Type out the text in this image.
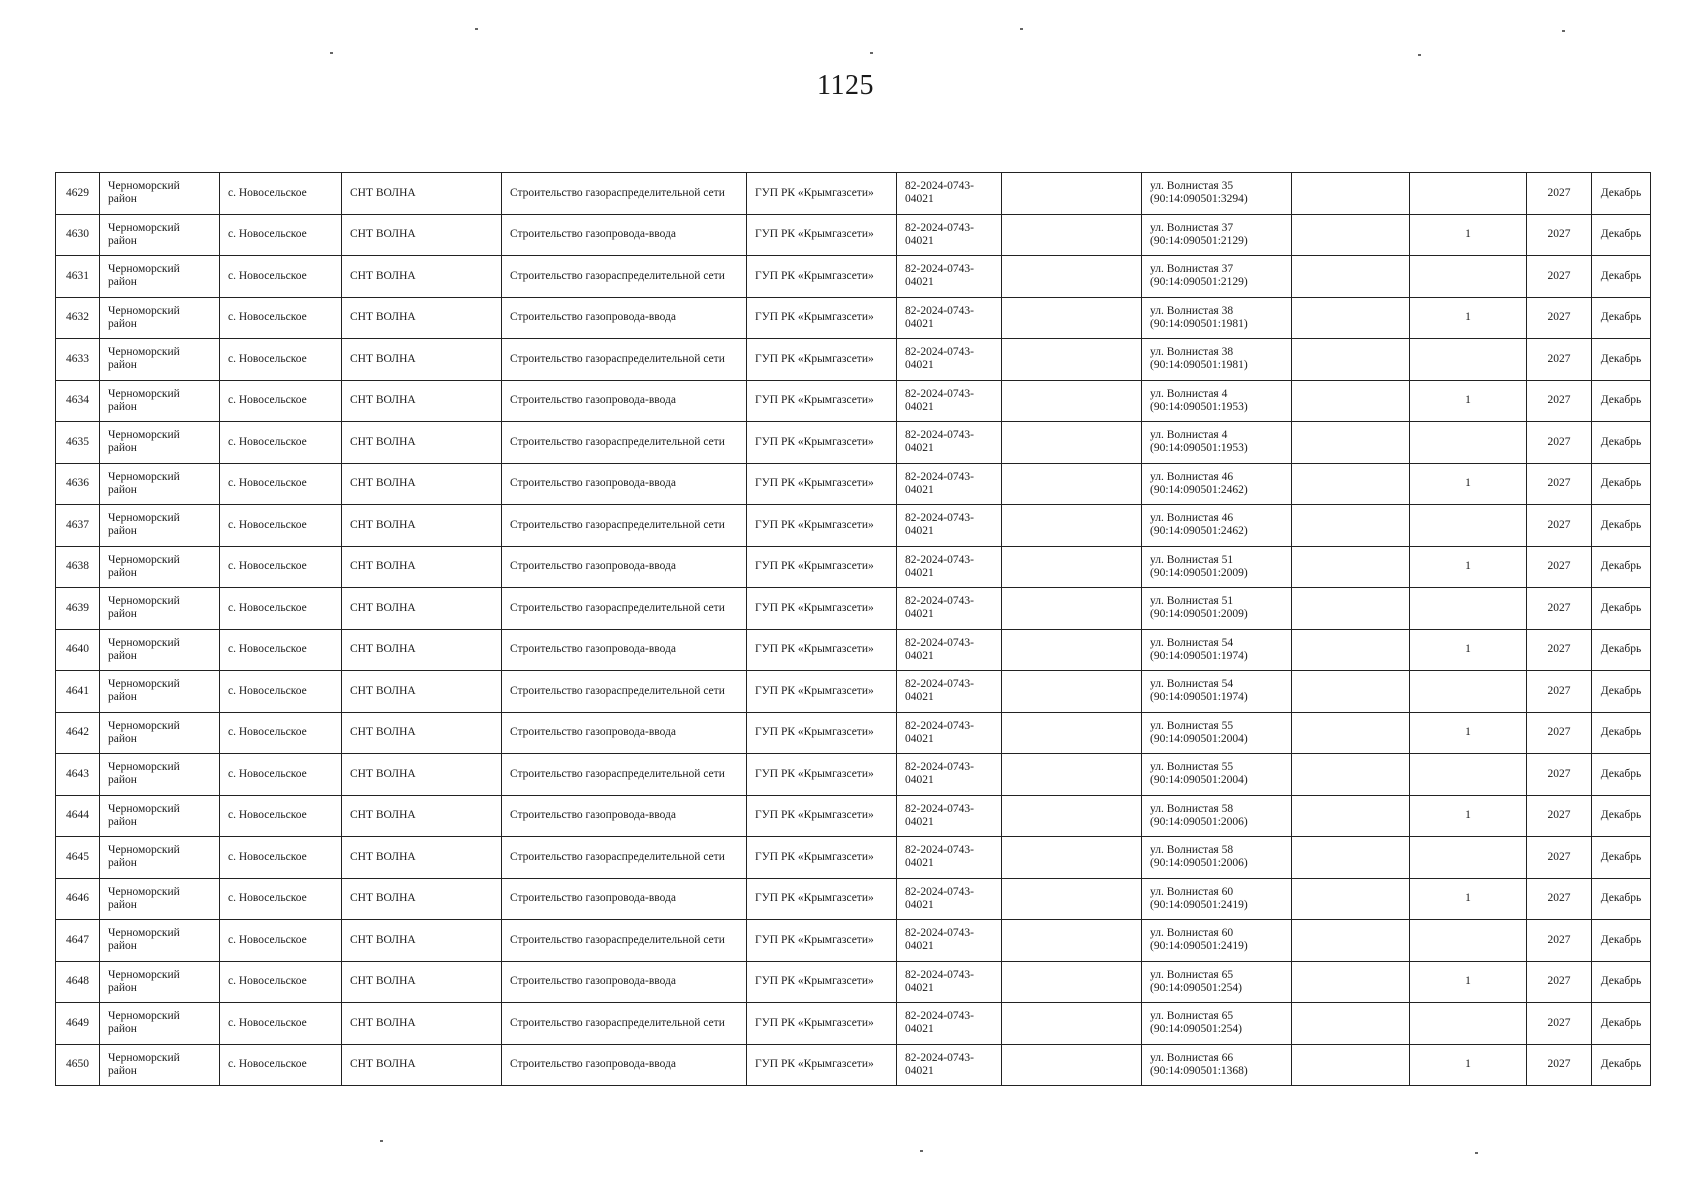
1125
4629	Черноморский район	с. Новосельское	СНТ ВОЛНА	Строительство газораспределительной сети	ГУП РК «Крымгазсети»	82-2024-0743-04021		ул. Волнистая 35 (90:14:090501:3294)			2027	Декабрь
4630	Черноморский район	с. Новосельское	СНТ ВОЛНА	Строительство газопровода-ввода	ГУП РК «Крымгазсети»	82-2024-0743-04021		ул. Волнистая 37 (90:14:090501:2129)		1	2027	Декабрь
4631	Черноморский район	с. Новосельское	СНТ ВОЛНА	Строительство газораспределительной сети	ГУП РК «Крымгазсети»	82-2024-0743-04021		ул. Волнистая 37 (90:14:090501:2129)			2027	Декабрь
4632	Черноморский район	с. Новосельское	СНТ ВОЛНА	Строительство газопровода-ввода	ГУП РК «Крымгазсети»	82-2024-0743-04021		ул. Волнистая 38 (90:14:090501:1981)		1	2027	Декабрь
4633	Черноморский район	с. Новосельское	СНТ ВОЛНА	Строительство газораспределительной сети	ГУП РК «Крымгазсети»	82-2024-0743-04021		ул. Волнистая 38 (90:14:090501:1981)			2027	Декабрь
4634	Черноморский район	с. Новосельское	СНТ ВОЛНА	Строительство газопровода-ввода	ГУП РК «Крымгазсети»	82-2024-0743-04021		ул. Волнистая 4 (90:14:090501:1953)		1	2027	Декабрь
4635	Черноморский район	с. Новосельское	СНТ ВОЛНА	Строительство газораспределительной сети	ГУП РК «Крымгазсети»	82-2024-0743-04021		ул. Волнистая 4 (90:14:090501:1953)			2027	Декабрь
4636	Черноморский район	с. Новосельское	СНТ ВОЛНА	Строительство газопровода-ввода	ГУП РК «Крымгазсети»	82-2024-0743-04021		ул. Волнистая 46 (90:14:090501:2462)		1	2027	Декабрь
4637	Черноморский район	с. Новосельское	СНТ ВОЛНА	Строительство газораспределительной сети	ГУП РК «Крымгазсети»	82-2024-0743-04021		ул. Волнистая 46 (90:14:090501:2462)			2027	Декабрь
4638	Черноморский район	с. Новосельское	СНТ ВОЛНА	Строительство газопровода-ввода	ГУП РК «Крымгазсети»	82-2024-0743-04021		ул. Волнистая 51 (90:14:090501:2009)		1	2027	Декабрь
4639	Черноморский район	с. Новосельское	СНТ ВОЛНА	Строительство газораспределительной сети	ГУП РК «Крымгазсети»	82-2024-0743-04021		ул. Волнистая 51 (90:14:090501:2009)			2027	Декабрь
4640	Черноморский район	с. Новосельское	СНТ ВОЛНА	Строительство газопровода-ввода	ГУП РК «Крымгазсети»	82-2024-0743-04021		ул. Волнистая 54 (90:14:090501:1974)		1	2027	Декабрь
4641	Черноморский район	с. Новосельское	СНТ ВОЛНА	Строительство газораспределительной сети	ГУП РК «Крымгазсети»	82-2024-0743-04021		ул. Волнистая 54 (90:14:090501:1974)			2027	Декабрь
4642	Черноморский район	с. Новосельское	СНТ ВОЛНА	Строительство газопровода-ввода	ГУП РК «Крымгазсети»	82-2024-0743-04021		ул. Волнистая 55 (90:14:090501:2004)		1	2027	Декабрь
4643	Черноморский район	с. Новосельское	СНТ ВОЛНА	Строительство газораспределительной сети	ГУП РК «Крымгазсети»	82-2024-0743-04021		ул. Волнистая 55 (90:14:090501:2004)			2027	Декабрь
4644	Черноморский район	с. Новосельское	СНТ ВОЛНА	Строительство газопровода-ввода	ГУП РК «Крымгазсети»	82-2024-0743-04021		ул. Волнистая 58 (90:14:090501:2006)		1	2027	Декабрь
4645	Черноморский район	с. Новосельское	СНТ ВОЛНА	Строительство газораспределительной сети	ГУП РК «Крымгазсети»	82-2024-0743-04021		ул. Волнистая 58 (90:14:090501:2006)			2027	Декабрь
4646	Черноморский район	с. Новосельское	СНТ ВОЛНА	Строительство газопровода-ввода	ГУП РК «Крымгазсети»	82-2024-0743-04021		ул. Волнистая 60 (90:14:090501:2419)		1	2027	Декабрь
4647	Черноморский район	с. Новосельское	СНТ ВОЛНА	Строительство газораспределительной сети	ГУП РК «Крымгазсети»	82-2024-0743-04021		ул. Волнистая 60 (90:14:090501:2419)			2027	Декабрь
4648	Черноморский район	с. Новосельское	СНТ ВОЛНА	Строительство газопровода-ввода	ГУП РК «Крымгазсети»	82-2024-0743-04021		ул. Волнистая 65 (90:14:090501:254)		1	2027	Декабрь
4649	Черноморский район	с. Новосельское	СНТ ВОЛНА	Строительство газораспределительной сети	ГУП РК «Крымгазсети»	82-2024-0743-04021		ул. Волнистая 65 (90:14:090501:254)			2027	Декабрь
4650	Черноморский район	с. Новосельское	СНТ ВОЛНА	Строительство газопровода-ввода	ГУП РК «Крымгазсети»	82-2024-0743-04021		ул. Волнистая 66 (90:14:090501:1368)		1	2027	Декабрь
